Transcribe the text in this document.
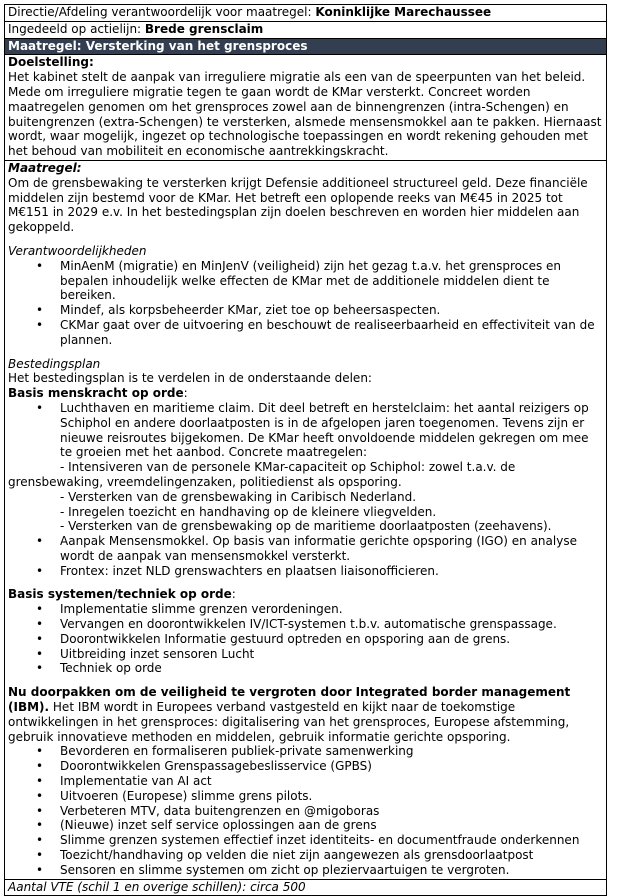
Directie/Afdeling verantwoordelijk voor maatregel: Koninklijke Marechaussee
Ingedeeld op actielijn: Brede grensclaim
Maatregel: Versterking van het grensproces

Doelstelling:

Het kabinet stelt de aanpak van irreguliere migratie als een van de speerpunten van het beleid. Mede om irreguliere migratie tegen te gaan wordt de KMar versterkt. Concreet worden maatregelen genomen om het grensproces zowel aan de binnengrenzen (intra-Schengen) en buitengrenzen (extra-Schengen) te versterken, alsmede mensensmokkel aan te pakken. Hiernaast wordt, waar mogelijk, ingezet op technologische toepassingen en wordt rekening gehouden met het behoud van mobiliteit en economische aantrekkingskracht.

Maatregel:

Om de grensbewaking te versterken krijgt Defensie additioneel structureel geld. Deze financiële middelen zijn bestemd voor de KMar. Het betreft een oplopende reeks van M€45 in 2025 tot M€151 in 2029 e.v. In het bestedingsplan zijn doelen beschreven en worden hier middelen aan gekoppeld.

Verantwoordelijkheden

• MinAenM (migratie) en MinJenV (veiligheid) zijn het gezag t.a.v. het grensproces en bepalen inhoudelijk welke effecten de KMar met de additionele middelen dient te bereiken.
• Mindef, als korpsbeheerder KMar, ziet toe op beheersaspecten.
• CKMar gaat over de uitvoering en beschouwt de realiseerbaarheid en effectiviteit van de plannen.

Bestedingsplan

Het bestedingsplan is te verdelen in de onderstaande delen:

Basis menskracht op orde:

• Luchthaven en maritieme claim. Dit deel betreft en herstelclaim: het aantal reizigers op Schiphol en andere doorlaatposten is in de afgelopen jaren toegenomen. Tevens zijn er nieuwe reisroutes bijgekomen. De KMar heeft onvoldoende middelen gekregen om mee te groeien met het aanbod. Concrete maatregelen:
- Intensiveren van de personele KMar-capaciteit op Schiphol: zowel t.a.v. de
grensbewaking, vreemdelingenzaken, politiedienst als opsporing.
- Versterken van de grensbewaking in Caribisch Nederland.
- Inregelen toezicht en handhaving op de kleinere vliegvelden.
- Versterken van de grensbewaking op de maritieme doorlaatposten (zeehavens).
• Aanpak Mensensmokkel. Op basis van informatie gerichte opsporing (IGO) en analyse wordt de aanpak van mensensmokkel versterkt.
• Frontex: inzet NLD grenswachters en plaatsen liaisonofficieren.

Basis systemen/techniek op orde:

• Implementatie slimme grenzen verordeningen.
• Vervangen en doorontwikkelen IV/ICT-systemen t.b.v. automatische grenspassage.
• Doorontwikkelen Informatie gestuurd optreden en opsporing aan de grens.
• Uitbreiding inzet sensoren Lucht
• Techniek op orde

Nu doorpakken om de veiligheid te vergroten door Integrated border management (IBM). Het IBM wordt in Europees verband vastgesteld en kijkt naar de toekomstige ontwikkelingen in het grensproces: digitalisering van het grensproces, Europese afstemming, gebruik innovatieve methoden en middelen, gebruik informatie gerichte opsporing.

• Bevorderen en formaliseren publiek-private samenwerking
• Doorontwikkelen Grenspassagebeslisservice (GPBS)
• Implementatie van AI act
• Uitvoeren (Europese) slimme grens pilots.
• Verbeteren MTV, data buitengrenzen en @migoboras
• (Nieuwe) inzet self service oplossingen aan de grens
• Slimme grenzen systemen effectief inzet identiteits- en documentfraude onderkennen
• Toezicht/handhaving op velden die niet zijn aangewezen als grensdoorlaatpost
• Sensoren en slimme systemen om zicht op pleziervaartuigen te vergroten.
Aantal VTE (schil 1 en overige schillen): circa 500
